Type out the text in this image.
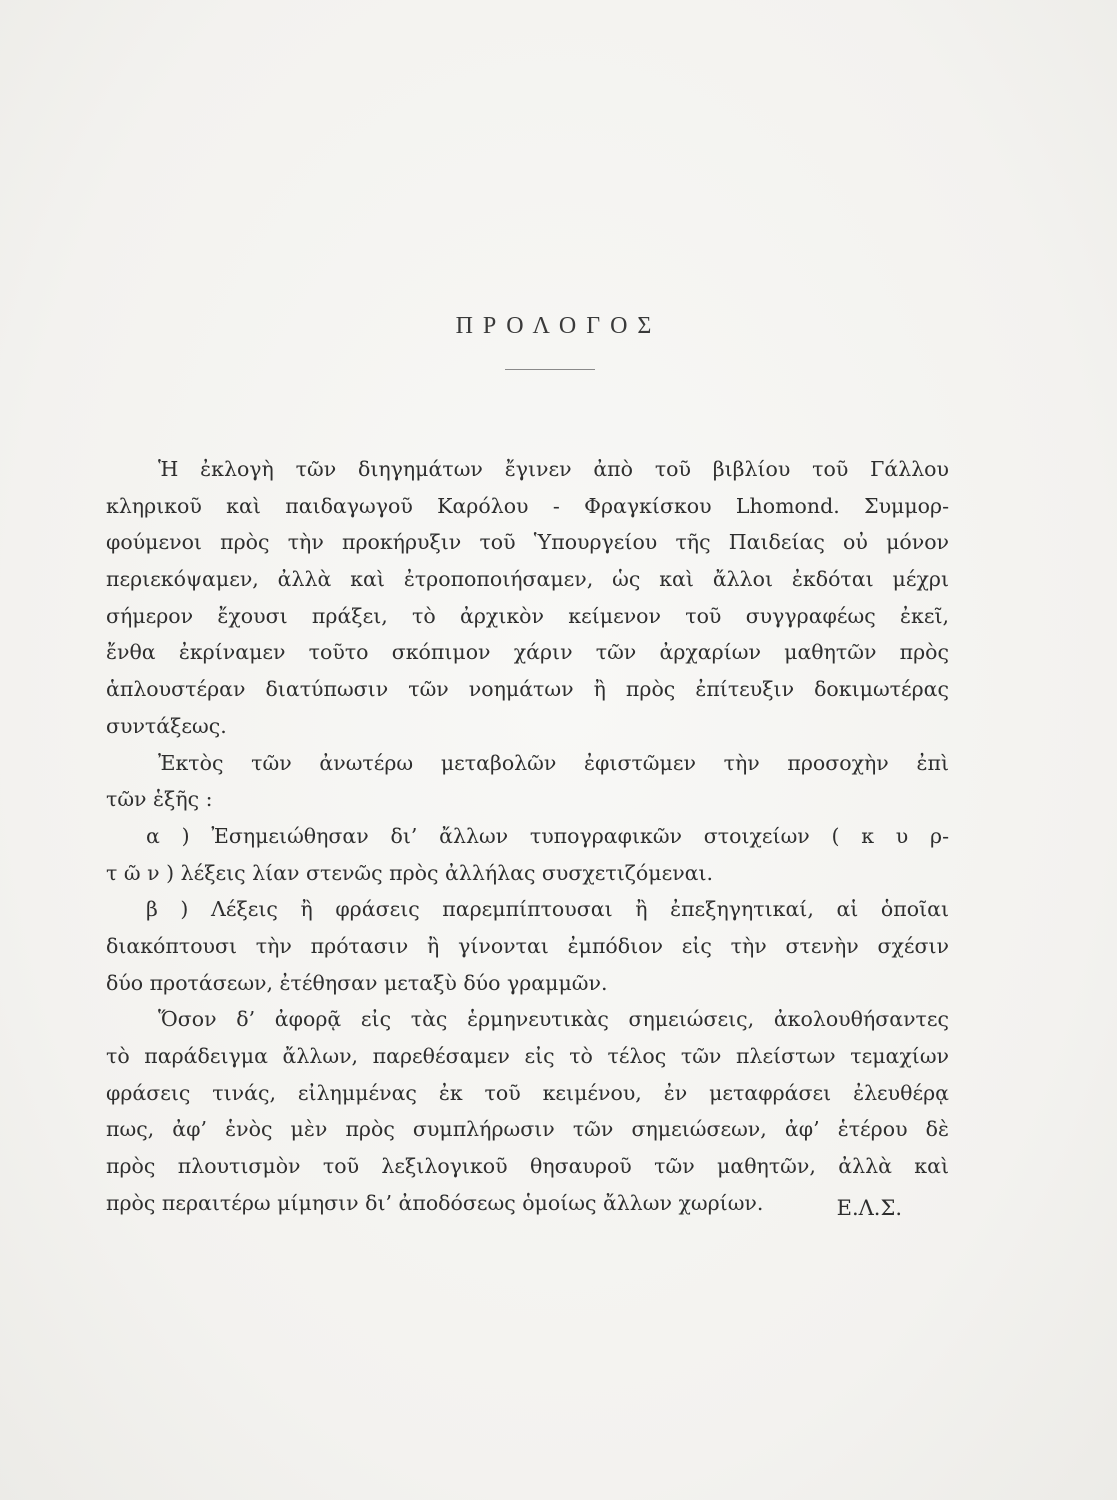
ΠΡΟΛΟΓΟΣ
Ἡ ἐκλογὴ τῶν διηγημάτων ἔγινεν ἀπὸ τοῦ βιβλίου τοῦ Γάλλου
κληρικοῦ καὶ παιδαγωγοῦ Καρόλου - Φραγκίσκου Lhomond. Συμμορ-
φούμενοι πρὸς τὴν προκήρυξιν τοῦ Ὑπουργείου τῆς Παιδείας οὐ μόνον
περιεκόψαμεν, ἀλλὰ καὶ ἐτροποποιήσαμεν, ὡς καὶ ἄλλοι ἐκδόται μέχρι
σήμερον ἔχουσι πράξει, τὸ ἀρχικὸν κείμενον τοῦ συγγραφέως ἐκεῖ,
ἔνθα ἐκρίναμεν τοῦτο σκόπιμον χάριν τῶν ἀρχαρίων μαθητῶν πρὸς
ἁπλουστέραν διατύπωσιν τῶν νοημάτων ἢ πρὸς ἐπίτευξιν δοκιμωτέρας
συντάξεως.
Ἐκτὸς τῶν ἀνωτέρω μεταβολῶν ἐφιστῶμεν τὴν προσοχὴν ἐπὶ
τῶν ἑξῆς :
α ) Ἐσημειώθησαν δι’ ἄλλων τυπογραφικῶν στοιχείων ( κ υ ρ-
τ ῶ ν ) λέξεις λίαν στενῶς πρὸς ἀλλήλας συσχετιζόμεναι.
β ) Λέξεις ἢ φράσεις παρεμπίπτουσαι ἢ ἐπεξηγητικαί, αἱ ὁποῖαι
διακόπτουσι τὴν πρότασιν ἢ γίνονται ἐμπόδιον εἰς τὴν στενὴν σχέσιν
δύο προτάσεων, ἐτέθησαν μεταξὺ δύο γραμμῶν.
Ὅσον δ’ ἀφορᾷ εἰς τὰς ἑρμηνευτικὰς σημειώσεις, ἀκολουθήσαντες
τὸ παράδειγμα ἄλλων, παρεθέσαμεν εἰς τὸ τέλος τῶν πλείστων τεμαχίων
φράσεις τινάς, εἰλημμένας ἐκ τοῦ κειμένου, ἐν μεταφράσει ἐλευθέρᾳ
πως, ἀφ’ ἑνὸς μὲν πρὸς συμπλήρωσιν τῶν σημειώσεων, ἀφ’ ἑτέρου δὲ
πρὸς πλουτισμὸν τοῦ λεξιλογικοῦ θησαυροῦ τῶν μαθητῶν, ἀλλὰ καὶ
πρὸς περαιτέρω μίμησιν δι’ ἀποδόσεως ὁμοίως ἄλλων χωρίων.	Ε.Λ.Σ.
